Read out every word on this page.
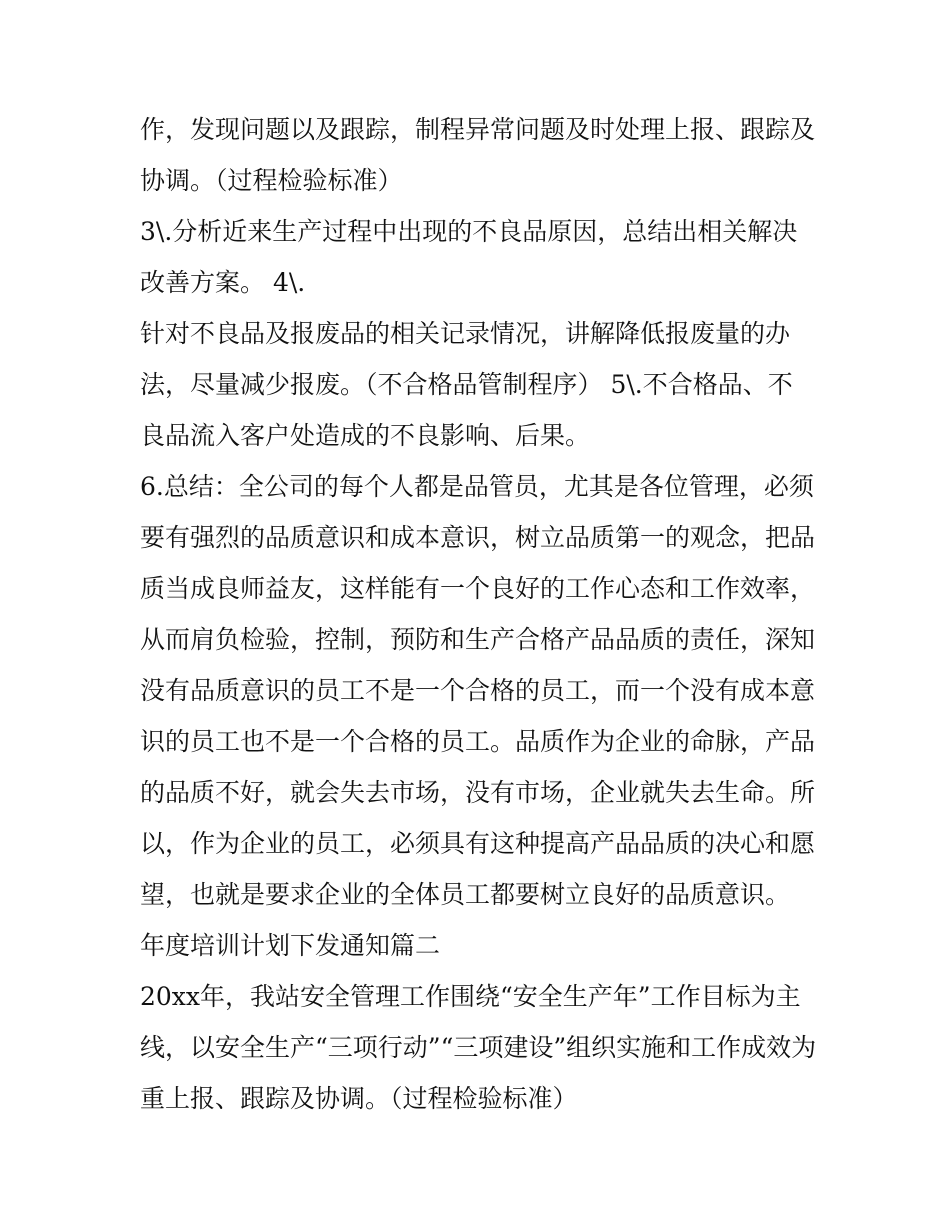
作，发现问题以及跟踪，制程异常问题及时处理上报、跟踪及
协调。（过程检验标准）
3\.分析近来生产过程中出现的不良品原因，总结出相关解决
改善方案。 4\.
针对不良品及报废品的相关记录情况，讲解降低报废量的办
法，尽量减少报废。（不合格品管制程序） 5\.不合格品、不
良品流入客户处造成的不良影响、后果。
6.总结：全公司的每个人都是品管员，尤其是各位管理，必须
要有强烈的品质意识和成本意识，树立品质第一的观念，把品
质当成良师益友，这样能有一个良好的工作心态和工作效率，
从而肩负检验，控制，预防和生产合格产品品质的责任，深知
没有品质意识的员工不是一个合格的员工，而一个没有成本意
识的员工也不是一个合格的员工。品质作为企业的命脉，产品
的品质不好，就会失去市场，没有市场，企业就失去生命。所
以，作为企业的员工，必须具有这种提高产品品质的决心和愿
望，也就是要求企业的全体员工都要树立良好的品质意识。
年度培训计划下发通知篇二
20xx年，我站安全管理工作围绕“安全生产年”工作目标为主
线，以安全生产“三项行动”“三项建设”组织实施和工作成效为
重上报、跟踪及协调。（过程检验标准）
